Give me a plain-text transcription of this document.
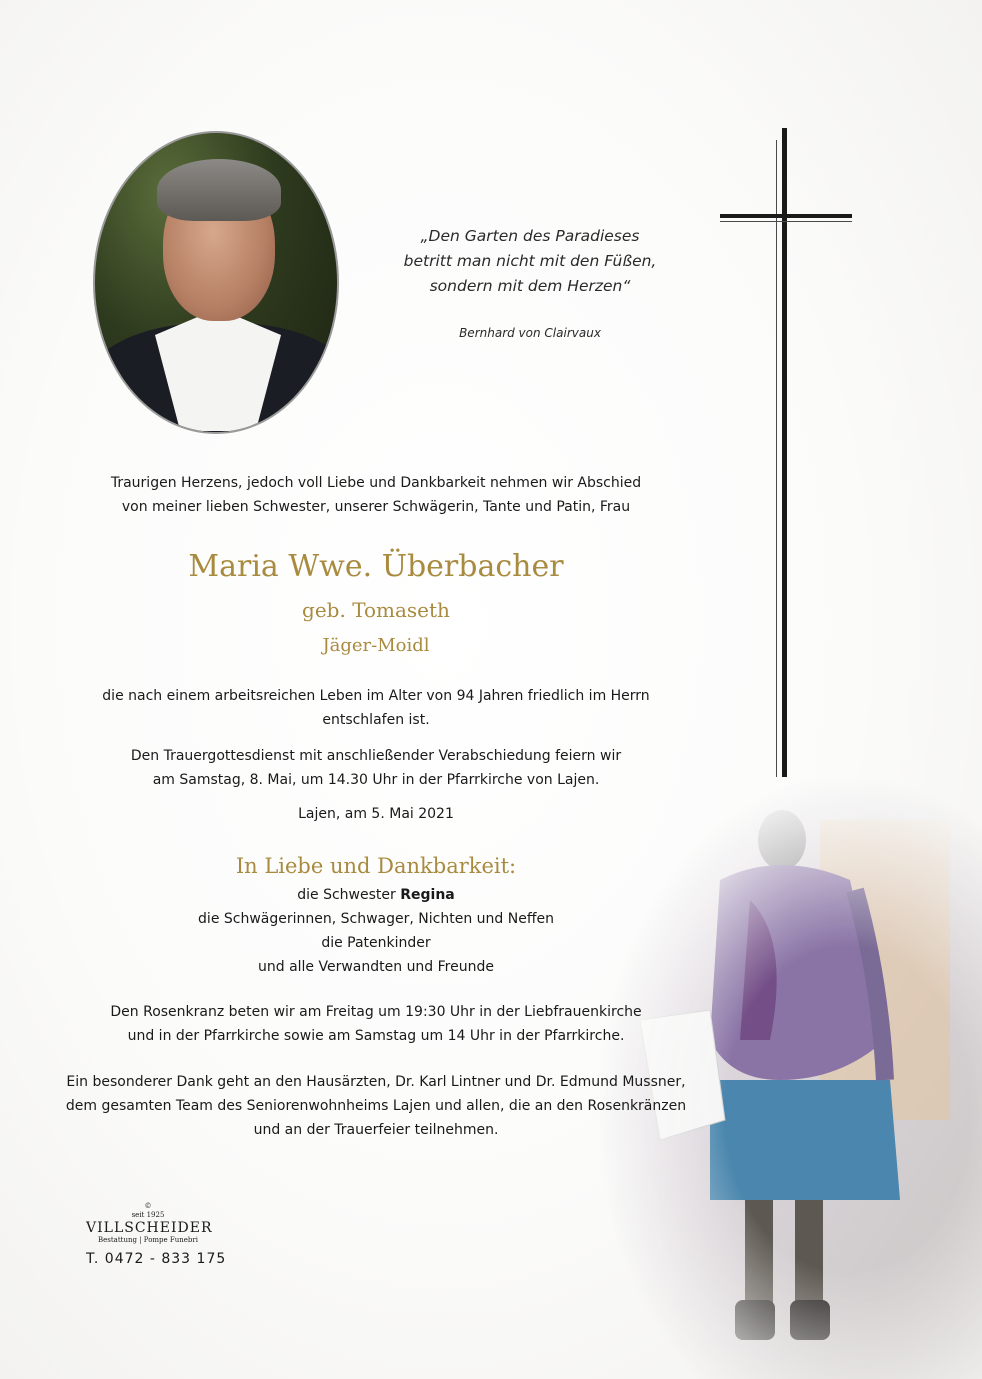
„Den Garten des Paradieses
betritt man nicht mit den Füßen,
sondern mit dem Herzen“
Bernhard von Clairvaux
Traurigen Herzens, jedoch voll Liebe und Dankbarkeit nehmen wir Abschied
von meiner lieben Schwester, unserer Schwägerin, Tante und Patin, Frau
Maria Wwe. Überbacher
geb. Tomaseth
Jäger-Moidl
die nach einem arbeitsreichen Leben im Alter von 94 Jahren friedlich im Herrn
entschlafen ist.
Den Trauergottesdienst mit anschließender Verabschiedung feiern wir
am Samstag, 8. Mai, um 14.30 Uhr in der Pfarrkirche von Lajen.
Lajen, am 5. Mai 2021
In Liebe und Dankbarkeit:
die Schwester Regina
die Schwägerinnen, Schwager, Nichten und Neffen
die Patenkinder
und alle Verwandten und Freunde
Den Rosenkranz beten wir am Freitag um 19:30 Uhr in der Liebfrauenkirche
und in der Pfarrkirche sowie am Samstag um 14 Uhr in der Pfarrkirche.
Ein besonderer Dank geht an den Hausärzten, Dr. Karl Lintner und Dr. Edmund Mussner,
dem gesamten Team des Seniorenwohnheims Lajen und allen, die an den Rosenkränzen
und an der Trauerfeier teilnehmen.
©
seit 1925
VILLSCHEIDER
Bestattung | Pompe Funebri
T. 0472 - 833 175
